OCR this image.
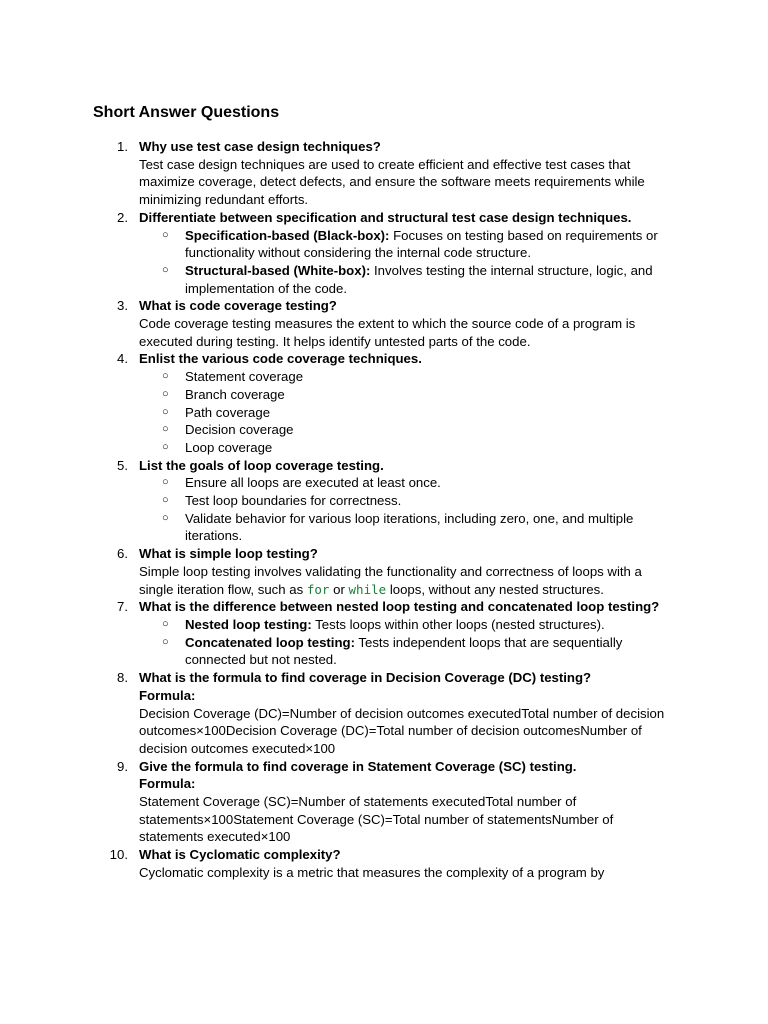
Short Answer Questions
1. Why use test case design techniques?
Test case design techniques are used to create efficient and effective test cases that maximize coverage, detect defects, and ensure the software meets requirements while minimizing redundant efforts.
2. Differentiate between specification and structural test case design techniques.
○ Specification-based (Black-box): Focuses on testing based on requirements or functionality without considering the internal code structure.
○ Structural-based (White-box): Involves testing the internal structure, logic, and implementation of the code.
3. What is code coverage testing?
Code coverage testing measures the extent to which the source code of a program is executed during testing. It helps identify untested parts of the code.
4. Enlist the various code coverage techniques.
○ Statement coverage
○ Branch coverage
○ Path coverage
○ Decision coverage
○ Loop coverage
5. List the goals of loop coverage testing.
○ Ensure all loops are executed at least once.
○ Test loop boundaries for correctness.
○ Validate behavior for various loop iterations, including zero, one, and multiple iterations.
6. What is simple loop testing?
Simple loop testing involves validating the functionality and correctness of loops with a single iteration flow, such as for or while loops, without any nested structures.
7. What is the difference between nested loop testing and concatenated loop testing?
○ Nested loop testing: Tests loops within other loops (nested structures).
○ Concatenated loop testing: Tests independent loops that are sequentially connected but not nested.
8. What is the formula to find coverage in Decision Coverage (DC) testing?
Formula:
Decision Coverage (DC)=Number of decision outcomes executedTotal number of decision outcomes×100Decision Coverage (DC)=Total number of decision outcomesNumber of decision outcomes executed×100
9. Give the formula to find coverage in Statement Coverage (SC) testing.
Formula:
Statement Coverage (SC)=Number of statements executedTotal number of statements×100Statement Coverage (SC)=Total number of statementsNumber of statements executed×100
10. What is Cyclomatic complexity?
Cyclomatic complexity is a metric that measures the complexity of a program by
